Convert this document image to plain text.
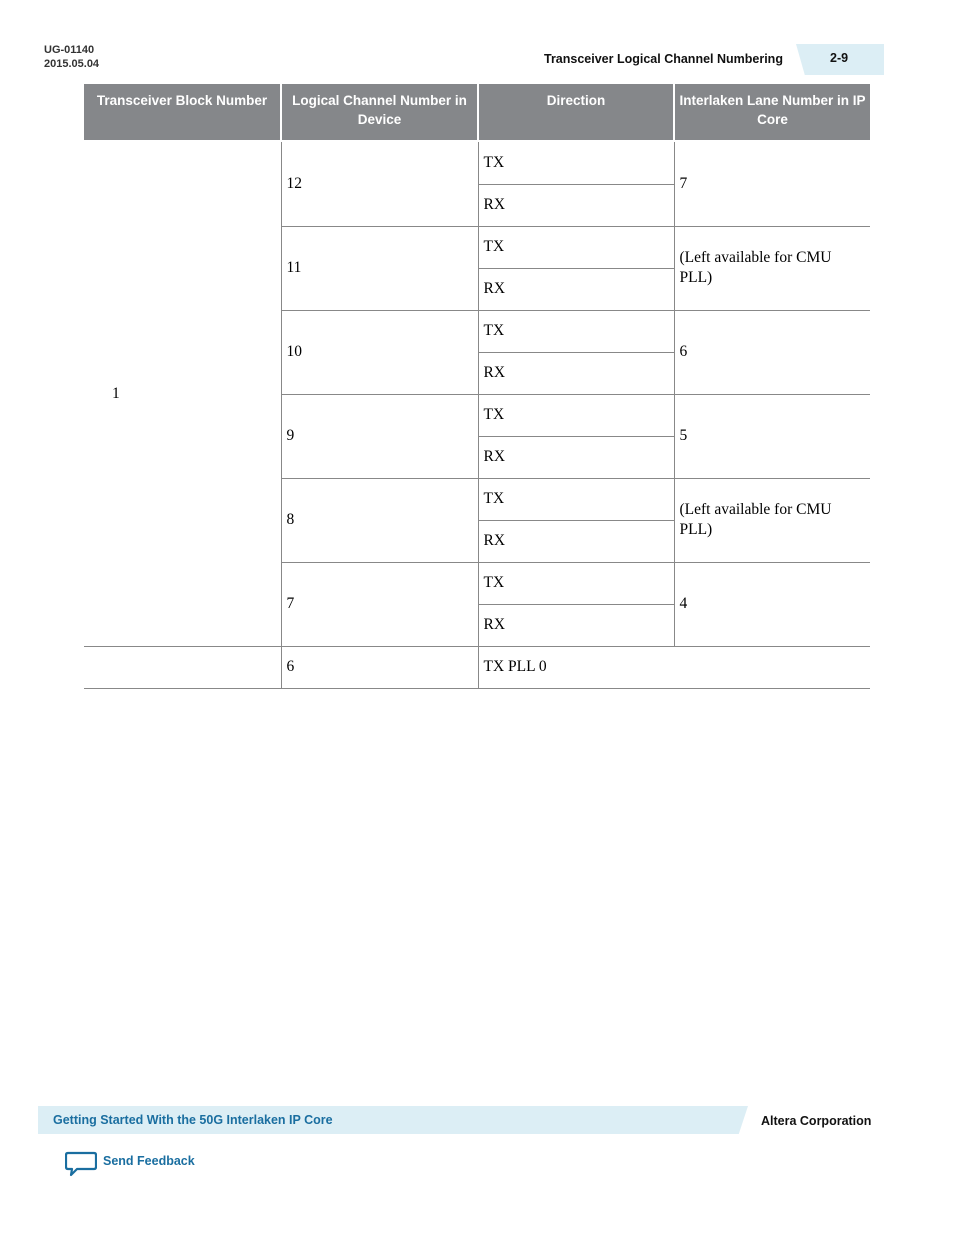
UG-01140
2015.05.04	Transceiver Logical Channel Numbering	2-9
Transceiver Block Number	Logical Channel Number in Device	Direction	Interlaken Lane Number in IP Core

1	12	TX	7
		RX	
	11	TX	(Left available for CMU PLL)
		RX	
	10	TX	6
		RX	
	9	TX	5
		RX	
	8	TX	(Left available for CMU PLL)
		RX	
	7	TX	4
		RX	
	6	TX PLL 0	
Getting Started With the 50G Interlaken IP Core	Altera Corporation
Send Feedback
